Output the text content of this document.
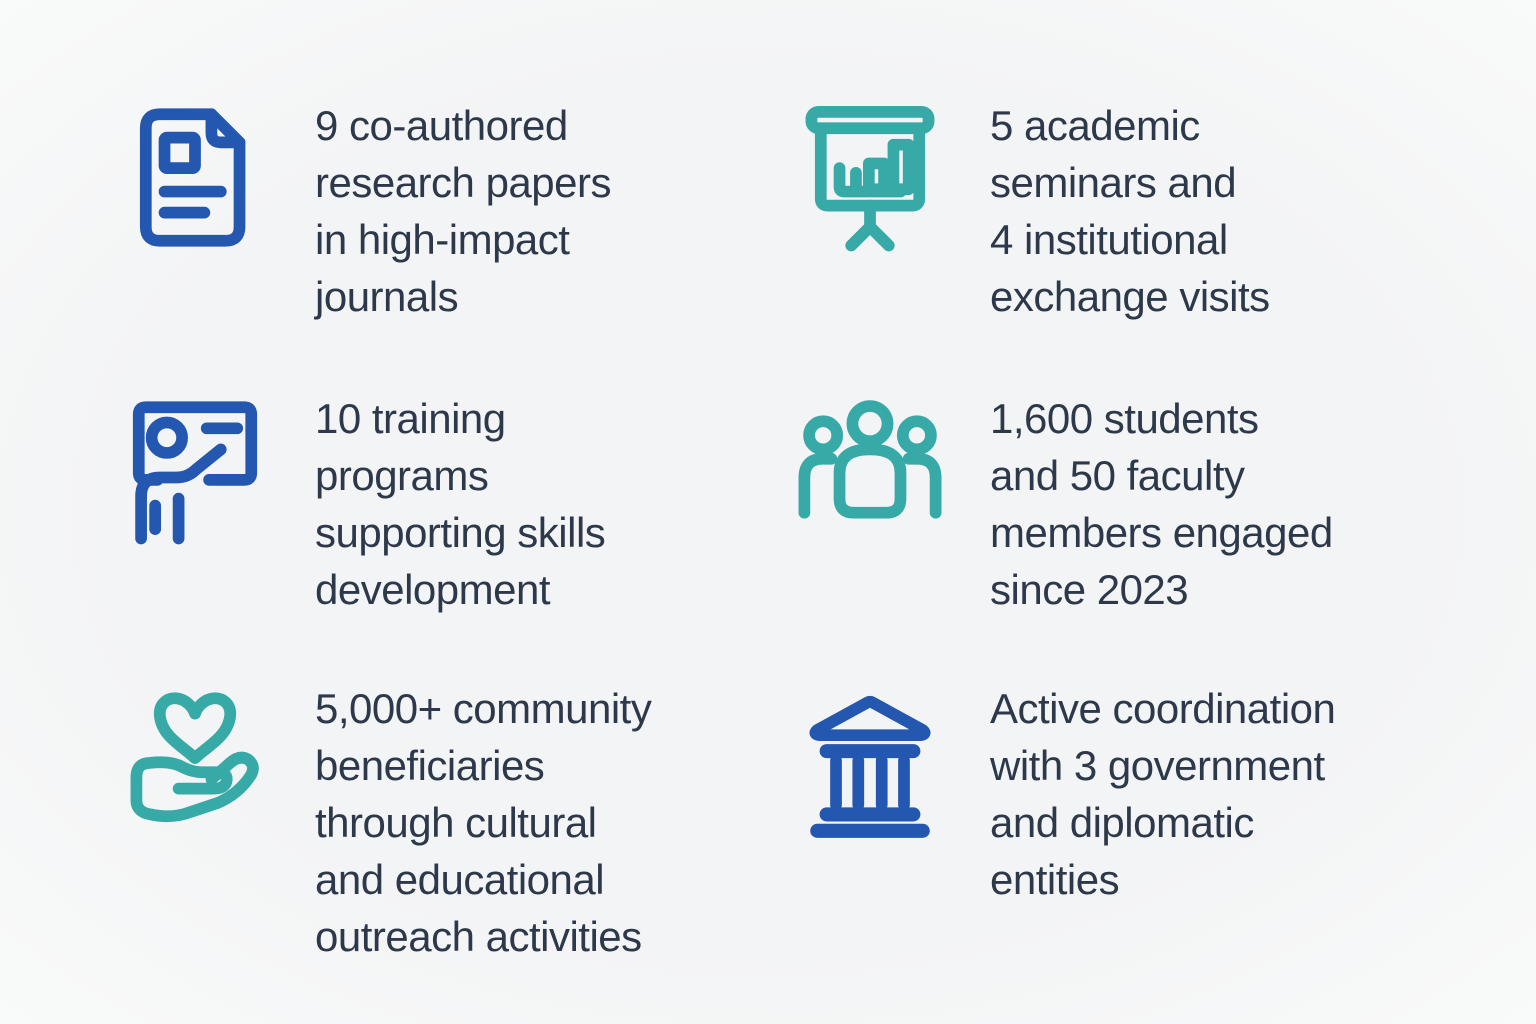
9 co-authored
research papers
in high-impact
journals
5 academic
seminars and
4 institutional
exchange visits
10 training
programs
supporting skills
development
1,600 students
and 50 faculty
members engaged
since 2023
5,000+ community
beneficiaries
through cultural
and educational
outreach activities
Active coordination
with 3 government
and diplomatic
entities
